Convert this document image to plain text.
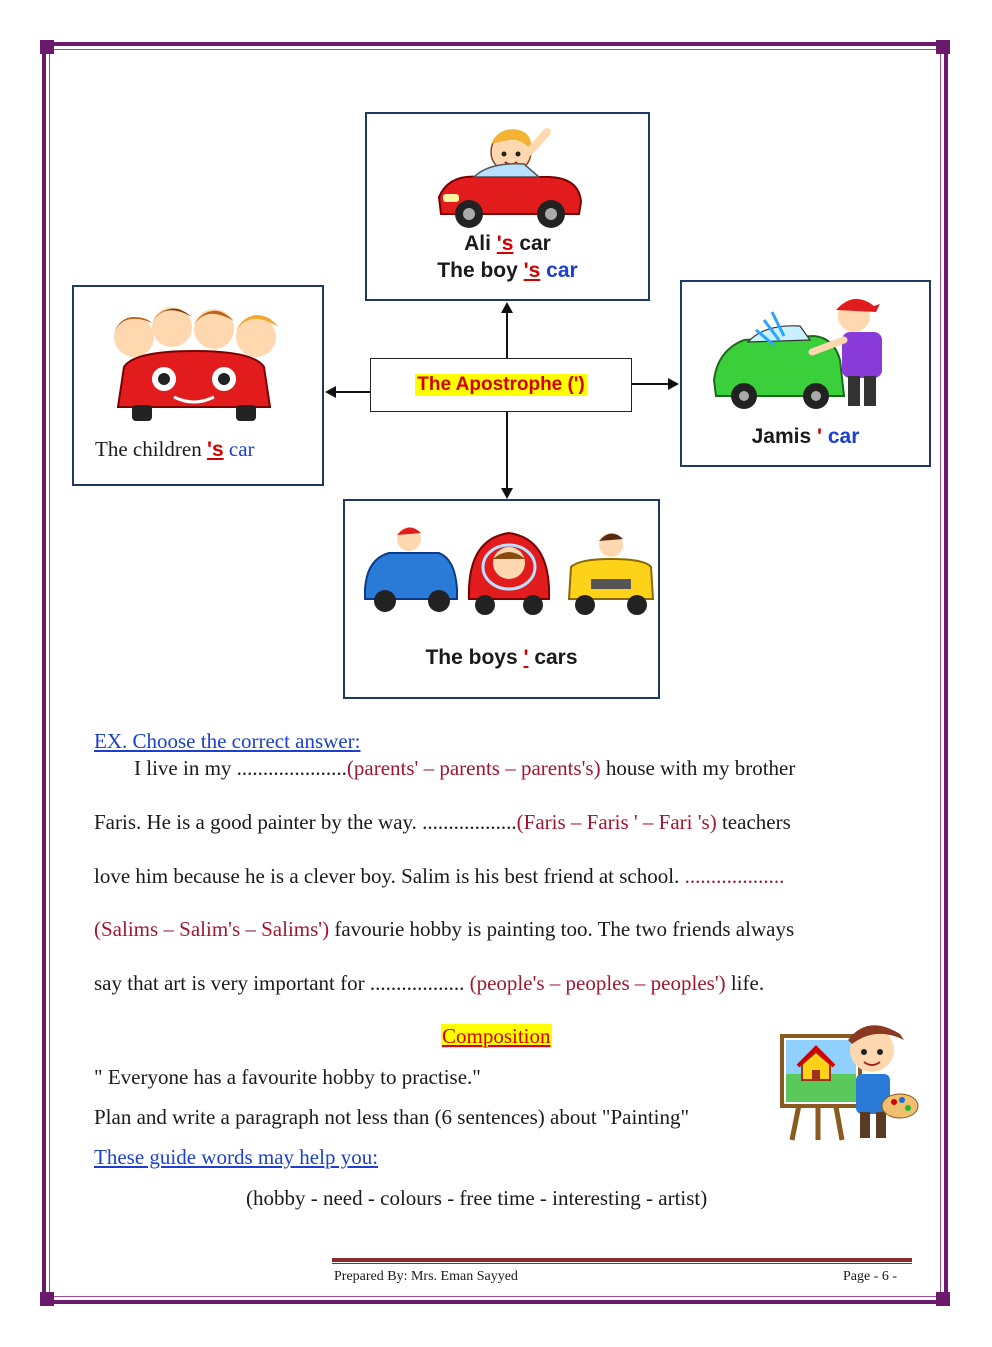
Ali 's car
The boy 's car
The children 's car
Jamis ' car
The boys ' cars
The Apostrophe (')
EX. Choose the correct answer:
I live in my .....................(parents' – parents – parents's) house with my brother
Faris. He is a good painter by the way. ..................(Faris – Faris ' – Fari 's) teachers
love him because he is a clever boy. Salim is his best friend at school. ...................
(Salims – Salim's – Salims') favourie hobby is painting too. The two friends always
say that art is very important for .................. (people's – peoples – peoples') life.
Composition
" Everyone has a favourite hobby to practise."
Plan and write a paragraph not less than (6 sentences) about "Painting"
These guide words may help you:
(hobby - need - colours - free time - interesting - artist)
Prepared By: Mrs. Eman Sayyed	Page - 6 -
